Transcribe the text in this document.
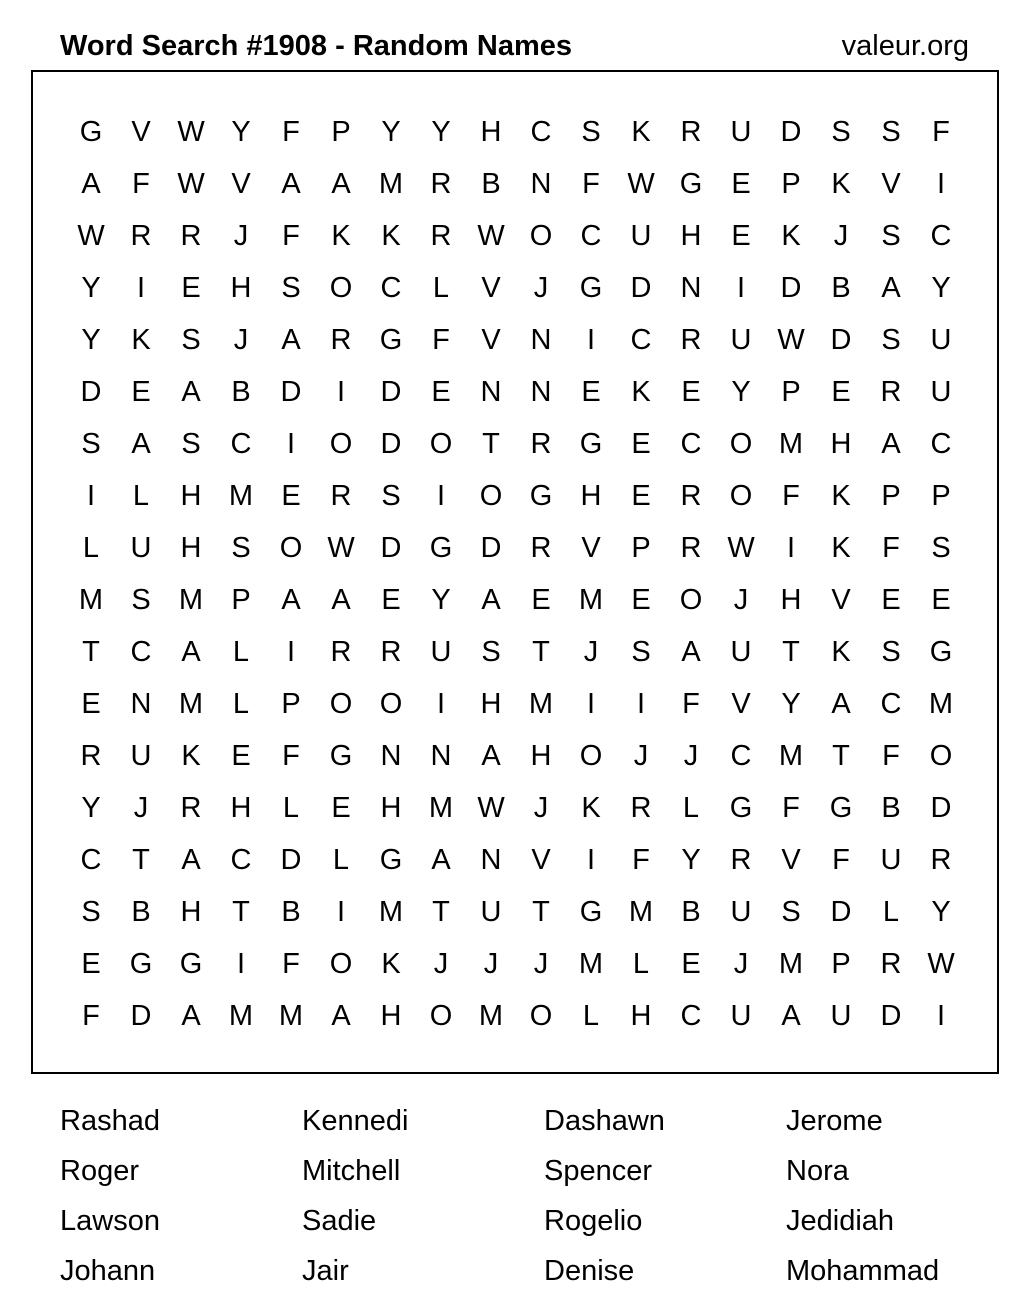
Word Search #1908 - Random Names	valeur.org
G	V W Y	F	P	Y	Y	H	C	S	K	R	U	D	S	S	F
A	F W V	A	A M R	B	N	F W G	E	P	K	V	I
W R	R	J	F	K	K	R W O C	U	H	E	K	J	S	C
Y	I	E	H	S	O C	L	V	J	G D	N	I	D	B	A	Y
Y	K	S	J	A	R G	F	V	N	I	C	R	U W D	S	U
D	E	A	B	D	I	D	E	N	N	E	K	E	Y	P	E	R	U
S	A	S	C	I	O D O	T	R G	E	C O M H	A	C
I	L	H M E	R	S	I	O G H	E	R O	F	K	P	P
L	U	H	S	O W D G D	R	V	P	R W	I	K	F	S
M S M P	A	A	E	Y	A	E M E	O	J	H	V	E	E
T	C	A	L	I	R	R	U	S	T	J	S	A	U	T	K	S	G
E	N M	L	P	O O	I	H M	I	I	F	V	Y	A	C M
R	U	K	E	F	G N	N	A	H O	J	J	C M	T	F	O
Y	J	R	H	L	E	H M W	J	K	R	L	G	F	G	B	D
C	T	A	C	D	L	G	A	N	V	I	F	Y	R	V	F	U	R
S	B	H	T	B	I	M	T	U	T	G M B	U	S	D	L	Y
E	G G	I	F	O	K	J	J	J	M	L	E	J	M P	R W
F	D	A M M A	H O M O	L	H	C	U	A	U	D	I
Rashad	Kennedi	Dashawn	Jerome
Roger	Mitchell	Spencer	Nora
Lawson	Sadie	Rogelio	Jedidiah
Johann	Jair	Denise	Mohammad
